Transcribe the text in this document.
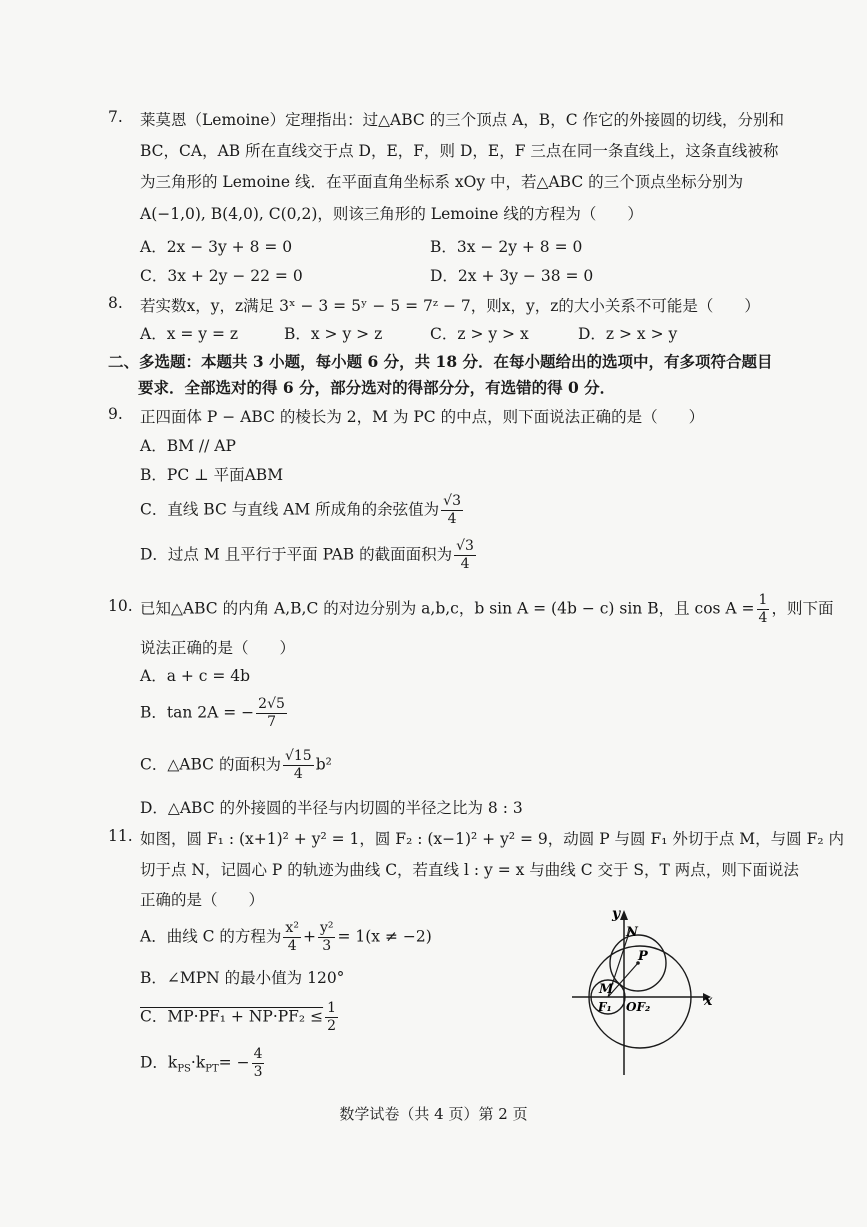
7. 莱莫恩（Lemoine）定理指出：过△ABC 的三个顶点 A，B，C 作它的外接圆的切线，分别和
BC，CA，AB 所在直线交于点 D，E，F，则 D，E，F 三点在同一条直线上，这条直线被称
为三角形的 Lemoine 线．在平面直角坐标系 xOy 中，若△ABC 的三个顶点坐标分别为
A(−1,0), B(4,0), C(0,2)，则该三角形的 Lemoine 线的方程为（　　）
A．2x − 3y + 8 = 0	B．3x − 2y + 8 = 0
C．3x + 2y − 22 = 0	D．2x + 3y − 38 = 0
8. 若实数x，y，z满足 3ˣ − 3 = 5ʸ − 5 = 7ᶻ − 7，则x，y，z的大小关系不可能是（　　）
A．x = y = z	B．x > y > z	C．z > y > x	D．z > x > y
二、多选题：本题共 3 小题，每小题 6 分，共 18 分．在每小题给出的选项中，有多项符合题目
要求．全部选对的得 6 分，部分选对的得部分分，有选错的得 0 分．
9. 正四面体 P − ABC 的棱长为 2，M 为 PC 的中点，则下面说法正确的是（　　）
A．BM // AP
B．PC ⊥ 平面ABM
C．直线 BC 与直线 AM 所成角的余弦值为 $\frac{√3}{4}$
D．过点 M 且平行于平面 PAB 的截面面积为 $\frac{√3}{4}$
10. 已知△ABC 的内角 A,B,C 的对边分别为 a,b,c，b sin A = (4b − c) sin B，且 $\cos A = \frac{1}{4}$ ，则下面
说法正确的是（　　）
A．a + c = 4b
B．tan 2A = − $\frac{2√5}{7}$
C．△ABC 的面积为 $\frac{√15}{4} b^2$
D．△ABC 的外接圆的半径与内切圆的半径之比为 8 : 3
11. 如图，圆 F₁ : (x+1)² + y² = 1，圆 F₂ : (x−1)² + y² = 9，动圆 P 与圆 F₁ 外切于点 M，与圆 F₂ 内
切于点 N，记圆心 P 的轨迹为曲线 C，若直线 l : y = x 与曲线 C 交于 S，T 两点，则下面说法
正确的是（　　）
A．曲线 C 的方程为 $\frac{\text{x²}}{4} + \frac{\text{y²}}{3} = 1(x \ne -2)$
B．∠MPN 的最小值为 120°
C．$MP\cdot PF_1 + NP\cdot PF_2 \le \frac{1}{2}$
D．$k_{PS}\cdot k_{PT}= - \frac{4}{3}$
y
x
N
P
M
F₁ OF₂
数学试卷（共 4 页）第 2 页
